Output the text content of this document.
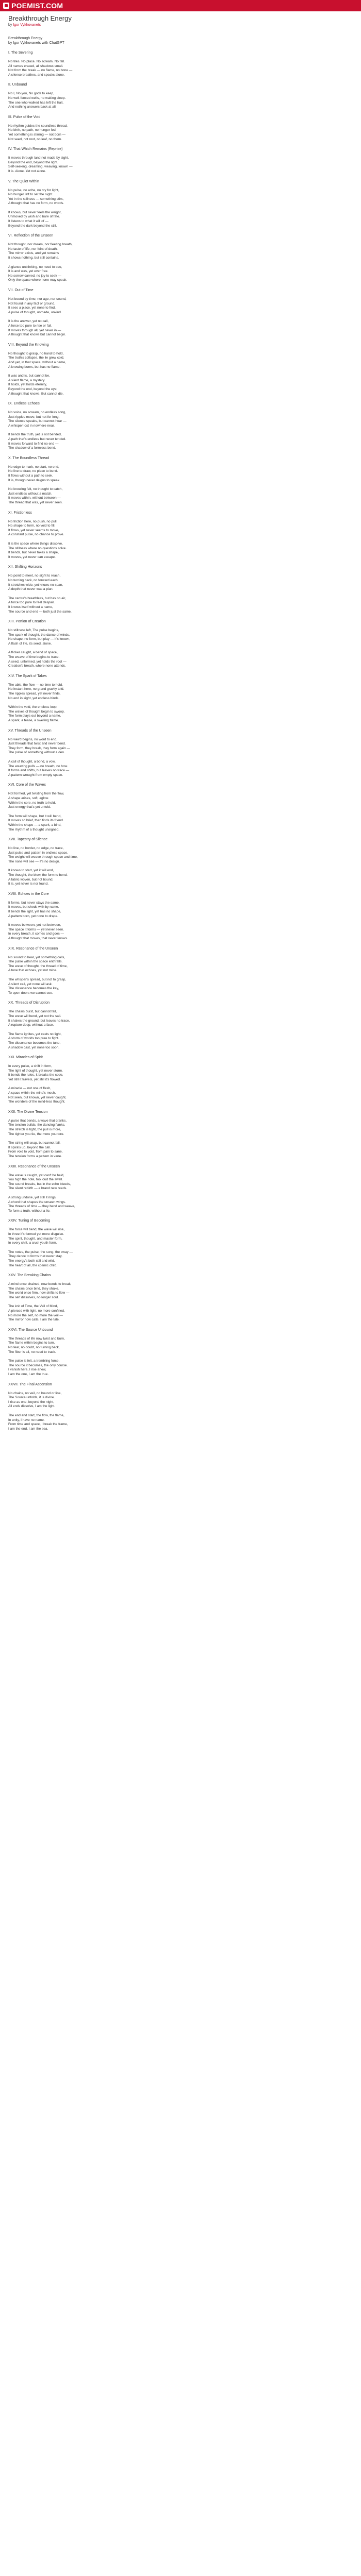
POEMIST.COM
Breakthrough Energy
by Igor Vykhovanets
Breakthrough Energy
by Igor Vykhovanets with ChatGPT
I. The Severing
No tiles. No place. No scream. No fall.
All names erased, all shadows small.
Not from the break — no flame, no bone —
A silence breathes, and speaks alone.
II. Unbound
No I, No you, No gods to keep,
No well-fenced wells, no waking sleep.
The one who walked has left the hall,
And nothing answers back at all.
III. Pulse of the Void
No rhythm guides the soundless thread,
No birth, no path, no hunger fed.
Yet something is stirring — not born —
Not seed, not root, no leaf, no thorn.
IV. That Which Remains (Reprise)
It moves through land not made by sight,
Beyond the end, beyond the light.
Self-seeking, dreaming, weaving, known —
It is. Alone. Yet not alone.
V. The Quiet Within
No pulse, no ache, no cry for light,
No hunger left to set the night.
Yet in the stillness — something stirs,
A thought that has no form, no words.
It knows, but never feels the weight,
Unmoved by wish and bare of fate.
It listens to what it will of —
Beyond the dark beyond the still.
VI. Reflection of the Unseen
Not thought, nor dream, nor fleeting breath,
No taste of life, nor feint of death.
The mirror exists, and yet remains
It shows nothing, but still contains.
A glance unblinking, no need to see,
It is and was, yet ever free.
No sorrow carved, no joy to seek —
Only the space where none may speak.
VII. Out of Time
Not bound by time, nor age, nor sound,
Not found in any fact or ground,
It sees a place, yet none to find,
A pulse of thought, unmade, unkind.
It is the answer, yet no call,
A force too pure to rise or fall.
It moves through all, yet never in —
A thought that knows but cannot begin.
VIII. Beyond the Knowing
No thought to grasp, no hand to hold,
The truth's collapse, the lie grew cold.
And yet, in that space, without a name,
A knowing burns, but has no flame.
It was and is, but cannot be,
A silent flame, a mystery.
It holds, yet holds eternity,
Beyond the end, beyond the eye,
A thought that knows. But cannot die.
IX. Endless Echoes
No voice, no scream, no endless song,
Just ripples move, but not for long.
The silence speaks, but cannot hear —
A whisper lost in nowhere near.
It bends the truth, yet is not bended,
A path that's endless but never tended.
It moves forward to find no end —
The shadow of a formless bend.
X. The Boundless Thread
No edge to mark, no start, no end,
No line to draw, no place to bend.
It flows without a path to seek,
It is, though never deigns to speak.
No knowing felt, no thought to catch,
Just endless without a match.
It moves within, without between —
The thread that was, yet never seen.
XI. Frictionless
No friction here, no push, no pull,
No shape to form, no void to fill.
It flows, yet never seems to move,
A constant pulse, no chance to prove.
It is the space where things dissolve,
The stillness where no questions solve.
It bends, but never takes a shape,
It moves, yet never can escape.
XII. Shifting Horizons
No point to meet, no sight to reach,
No turning back, no forward each.
It stretches wide, yet knows no span,
A depth that never was a plan.
The centre's breathless, but has no air,
A force too pure to feel despair.
It knows itself without a name,
The source and end — both just the same.
XIII. Portion of Creation
No stillness left, The pulse begins,
The spark of thought, the dance of winds.
No shape, no form, but play — it's known,
A flash of life, its seed, alone.
A flicker caught, a bend of space,
The weave of time begins to trace.
A seed, unformed, yet holds the root —
Creation's breath, where none attends.
XIV. The Spark of Takes
The able, the flow — no time to hold,
No instant here, no grand gravity told.
The ripples spread, yet never finds,
No end in sight, yet endless binds.
Within the void, the endless loop,
The waves of thought begin to swoop.
The form plays out beyond a name,
A spark, a tease, a swelling flame.
XV. Threads of the Unseen
No weird begins, no word to end,
Just threads that twist and never bend.
They form, they break, they form again —
The pulse of something without a den.
A call of thought, a bond, a vow,
The weaving pulls — no breath, no how.
It forms and shifts, but leaves no trace —
A pattern wrought from empty space.
XVI. Core of the Waves
Not formed, yet twisting from the flow,
A shape arises, soft, aglow.
Within the core, no truth to hold,
Just energy that's yet untold.
The form will shape, but it will bend,
It moves so brief, then finds its friend.
Within the shape — a spark, a bind,
The rhythm of a thought unsigned.
XVII. Tapestry of Silence
No line, no border, no edge, no trace,
Just pulse and pattern in endless space.
The weight will weave through space and time,
The none will see — it's no design.
It knows to start, yet it will end,
The thought, the blow, the form to bend.
A fabric woven, but not bound,
It is, yet never is nor found.
XVIII. Echoes in the Core
It forms, but never stays the same,
It moves, but sheds with by name.
It bends the light, yet has no shape,
A pattern born, yet none to drape.
It moves between, yet not between,
The space it forms — yet never seen.
In every breath, it comes and goes —
A thought that moves, that never knows.
XIX. Resonance of the Unseen
No sound to hear, yet something calls,
The pulse within the space enthralls.
The wave of thought, the thread of time,
A tune that echoes, yet not mine.
The whisper's spread, but not to grasp,
A silent call, yet none will ask.
The dissonance becomes the key,
To open doors we cannot see.
XX. Threads of Disruption
The chains burst, but cannot fail,
The wave will bend, yet not the sail.
It shakes the ground, but leaves no trace,
A rupture deep, without a face.
The flame ignites, yet casts no light,
A storm of worlds too pure to fight.
The dissonance becomes the tune,
A shadow cast, yet none too soon.
XXI. Miracles of Spirit
In every pulse, a shift in form,
The light of thought, yet never storm.
It bends the rules, it breaks the code,
Yet still it travels, yet still it's flowed.
A miracle — not one of flesh,
A space within the mind's mesh.
Not seen, but known, yet never caught,
The wonders of the mind-less thought.
XXII. The Divine Tension
A pulse that bends, a wave that cranks,
The tension builds, the dancing flanks.
The stretch is tight, the pull is more,
The tighter you tie, the more you tore.
The string will snap, but cannot fall,
It spirals up, beyond the call.
From void to void, from pain to sane,
The tension forms a pattern in vane.
XXIII. Resonance of the Unseen
The wave is caught, yet can't be held,
You high the note, too loud the swell.
The sound breaks, but in the echo bleeds,
The silent rebirth — a brand new reeds.
A strong undone, yet still it rings,
A chord that shapes the unseen wings.
The threads of time — they bend and weave,
To form a truth, without a lie.
XXIV. Tuning of Becoming
The force will bend, the wave will rise,
In three it's formed yet more disguise.
The spirit, thought, and master form,
In every shift, a cruel youth form.
The notes, the pulse, the song, the sway —
They dance to forms that never stay.
The energy's both still and wild,
The heart of all, the cosmic child.
XXV. The Breaking Chains
A mind once chained, now bends to break,
The chains once bind, they shake.
The world once firm, now shifts to flow —
The self dissolves, no longer soul.
The knit of Time, the Veil of Mind,
A pierced with light, no more confined.
No more the self, no more the veil —
The mirror now calls, I am the tale.
XXVI. The Source Unbound
The threads of life now twist and burn,
The flame within begins to turn.
No fear, no doubt, no turning back,
The fiber is all, no need to track.
The pulse is felt, a trembling force,
The source it becomes, the only course.
I vanish here, I rise anew,
I am the one, I am the true.
XXVII. The Final Ascension
No chains, no veil, no bound or line,
The Source unfolds, it is divine.
I rise as one, beyond the night,
All ends dissolve, I am the light.
The end and start, the flow, the flame,
In unity, I have no name.
From time and space, I break the frame,
I am the end, I am the sea.
